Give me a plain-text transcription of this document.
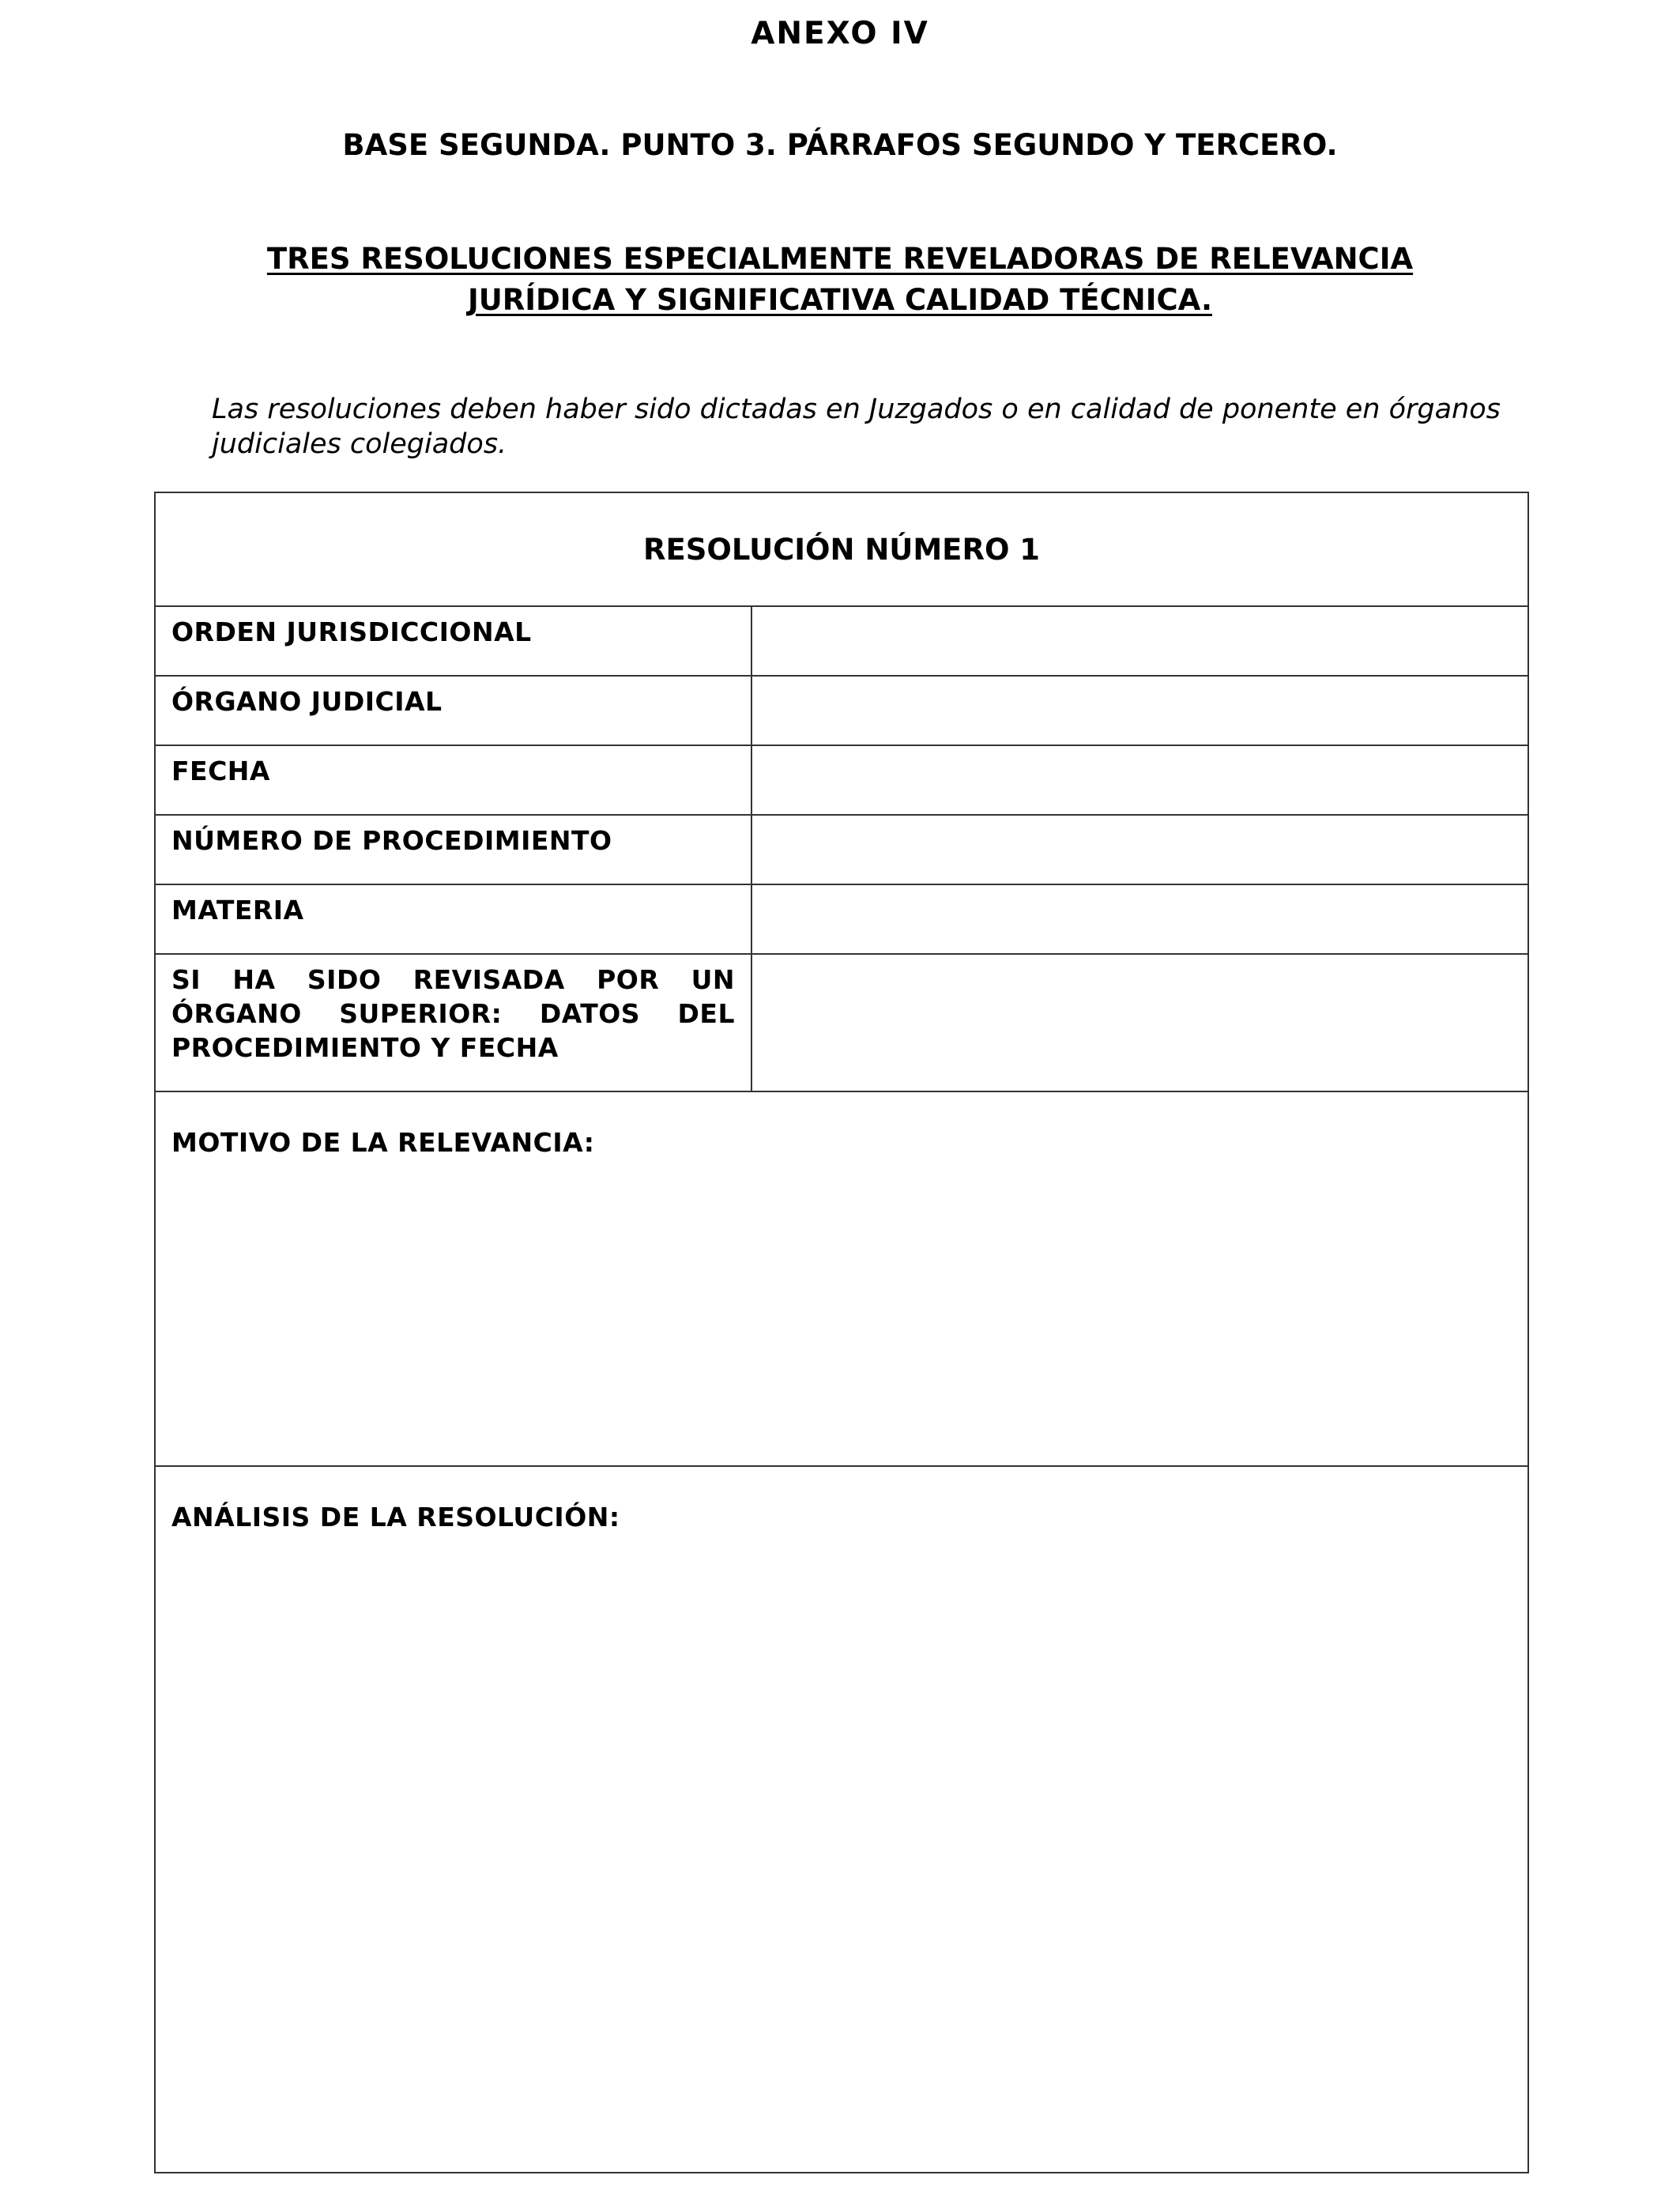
ANEXO IV
BASE SEGUNDA. PUNTO 3. PÁRRAFOS SEGUNDO Y TERCERO.
TRES RESOLUCIONES ESPECIALMENTE REVELADORAS DE RELEVANCIA
JURÍDICA Y SIGNIFICATIVA CALIDAD TÉCNICA.
Las resoluciones deben haber sido dictadas en Juzgados o en calidad de ponente en órganos judiciales colegiados.
RESOLUCIÓN NÚMERO 1
ORDEN JURISDICCIONAL
ÓRGANO JUDICIAL
FECHA
NÚMERO DE PROCEDIMIENTO
MATERIA
SI HA SIDO REVISADA POR UN ÓRGANO SUPERIOR: DATOS DEL PROCEDIMIENTO Y FECHA
MOTIVO DE LA RELEVANCIA:
ANÁLISIS DE LA RESOLUCIÓN:
